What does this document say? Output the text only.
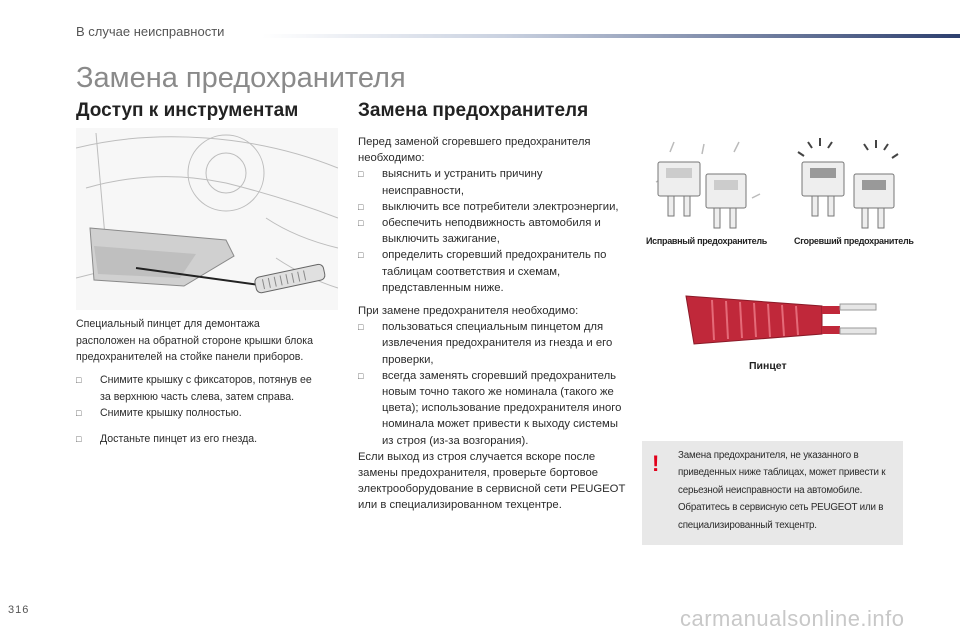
В случае неисправности
Замена предохранителя
Доступ к инструментам
Специальный пинцет для демонтажа
расположен на обратной стороне крышки блока
предохранителей на стойке панели приборов.
□ Снимите крышку с фиксаторов, потянув ее
за верхнюю часть слева, затем справа.
□ Снимите крышку полностью.
□ Достаньте пинцет из его гнезда.
Замена предохранителя
Перед заменой сгоревшего предохранителя необходимо:
□ выяснить и устранить причину неисправности,
□ выключить все потребители электроэнергии,
□ обеспечить неподвижность автомобиля и выключить зажигание,
□ определить сгоревший предохранитель по таблицам соответствия и схемам, представленным ниже.
При замене предохранителя необходимо:
□ пользоваться специальным пинцетом для извлечения предохранителя из гнезда и его проверки,
□ всегда заменять сгоревший предохранитель новым точно такого же номинала (такого же цвета); использование предохранителя иного номинала может привести к выходу системы из строя (из-за возгорания).
Если выход из строя случается вскоре после замены предохранителя, проверьте бортовое электрооборудование в сервисной сети PEUGEOT или в специализированном техцентре.
Исправный предохранитель	Сгоревший предохранитель
Пинцет
! Замена предохранителя, не указанного в приведенных ниже таблицах, может привести к серьезной неисправности на автомобиле. Обратитесь в сервисную сеть PEUGEOT или в специализированный техцентр.
316	carmanualsonline.info
